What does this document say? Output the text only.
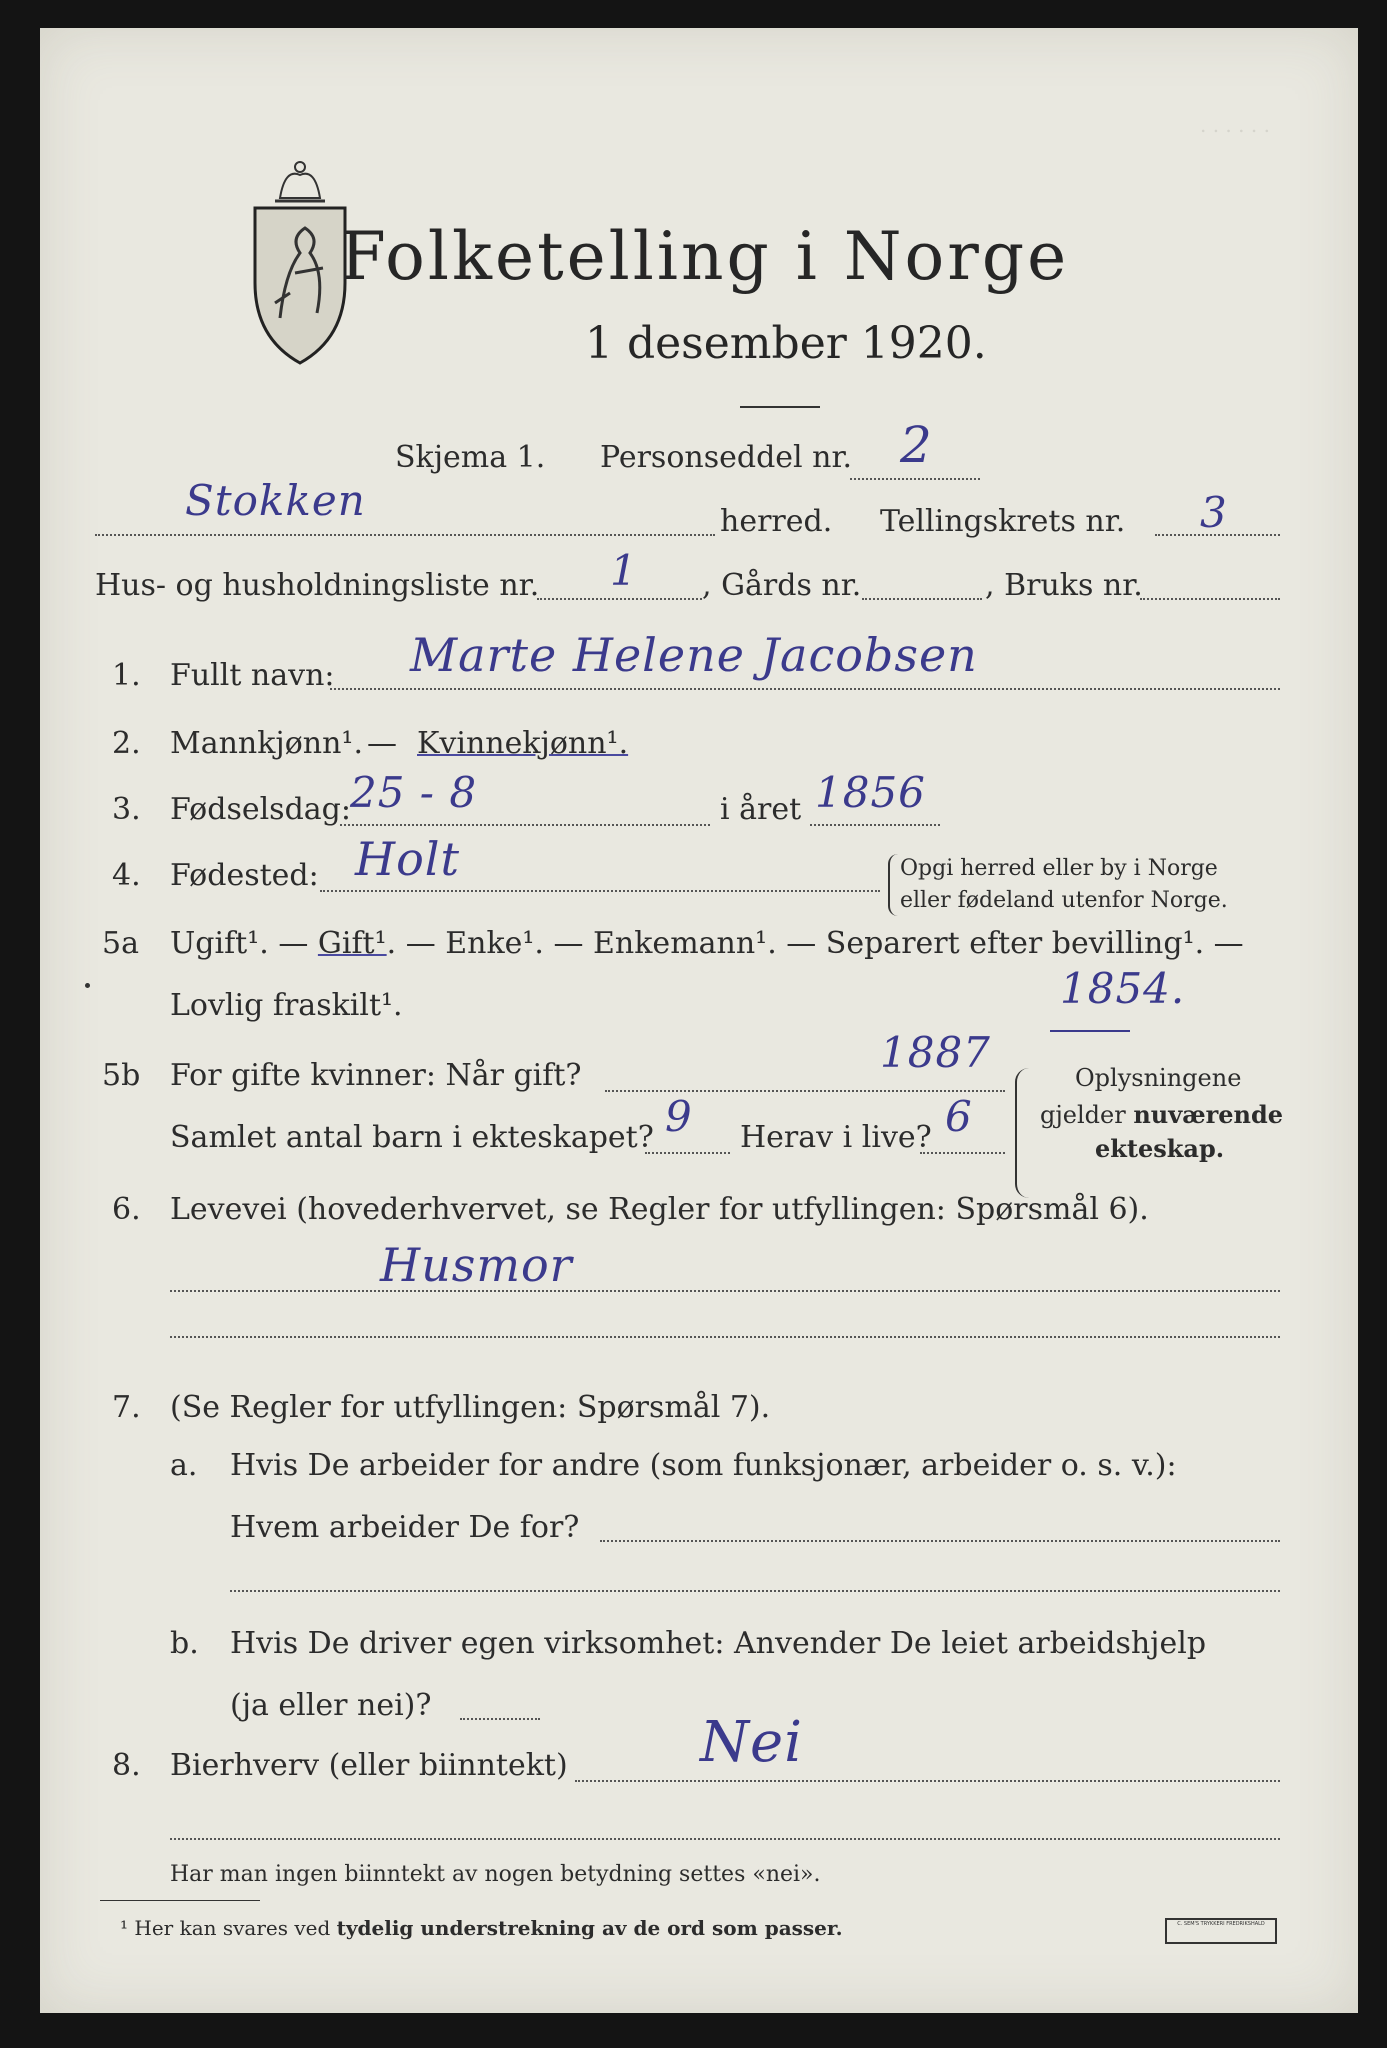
. . . . . .
Folketelling i Norge
1 desember 1920.
Skjema 1. Personseddel nr. 2
Stokken	herred. Tellingskrets nr. 3
Hus- og husholdningsliste nr. 1 , Gårds nr.	, Bruks nr.
1. Fullt navn: Marte Helene Jacobsen
2. Mannkjønn¹. — Kvinnekjønn¹.
3. Fødselsdag: 25 - 8	i året 1856
4. Fødested: Holt	Opgi herred eller by i Norge
eller fødeland utenfor Norge.
5a Ugift¹. — Gift¹. — Enke¹. — Enkemann¹. — Separert efter bevilling¹. —
Lovlig fraskilt¹.	1854.
5b For gifte kvinner: Når gift?	1887
Samlet antal barn i ekteskapet? 9 Herav i live? 6
Oplysningene
gjelder nuværende
ekteskap.
6. Levevei (hovederhvervet, se Regler for utfyllingen: Spørsmål 6).
Husmor
7. (Se Regler for utfyllingen: Spørsmål 7).
a. Hvis De arbeider for andre (som funksjonær, arbeider o. s. v.):
Hvem arbeider De for?
b. Hvis De driver egen virksomhet: Anvender De leiet arbeidshjelp
(ja eller nei)?
8. Bierhverv (eller biinntekt) Nei
Har man ingen biinntekt av nogen betydning settes «nei».
¹ Her kan svares ved tydelig understrekning av de ord som passer.	C. SEM'S TRYKKERI FREDRIKSHALD
